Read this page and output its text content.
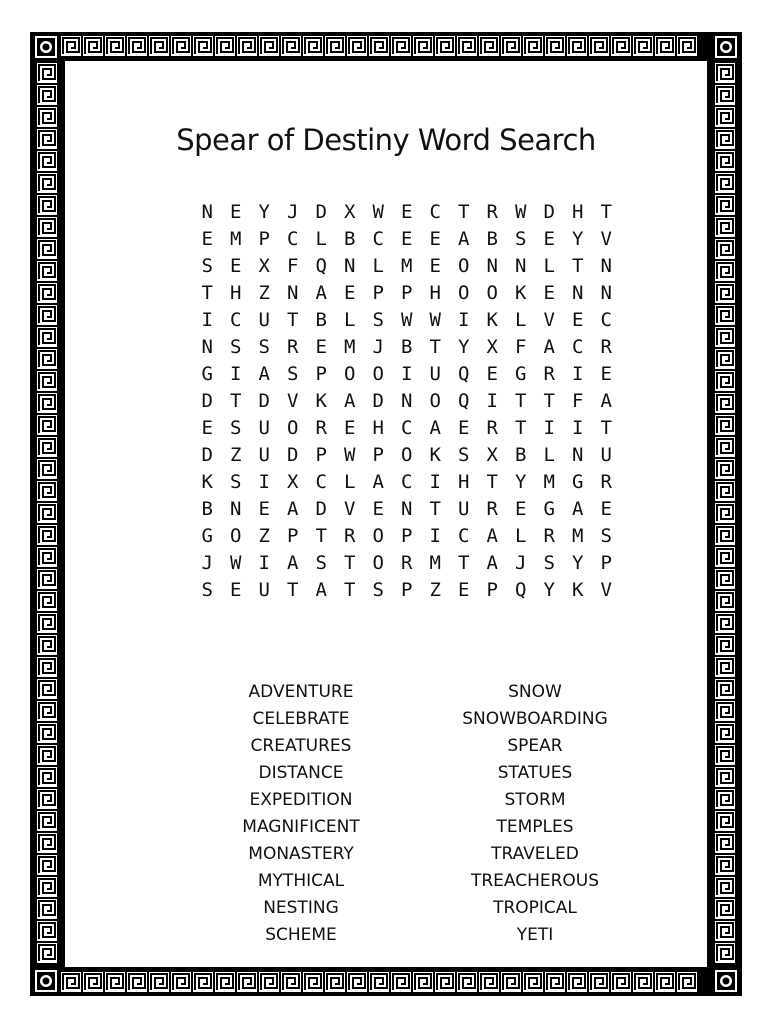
Spear of Destiny Word Search
N E Y J D X W E C T R W D H T
E M P C L B C E E A B S E Y V
S E X F Q N L M E O N N L T N
T H Z N A E P P H O O K E N N
I C U T B L S W W I K L V E C
N S S R E M J B T Y X F A C R
G I A S P O O I U Q E G R I E
D T D V K A D N O Q I T T F A
E S U O R E H C A E R T I I T
D Z U D P W P O K S X B L N U
K S I X C L A C I H T Y M G R
B N E A D V E N T U R E G A E
G O Z P T R O P I C A L R M S
J W I A S T O R M T A J S Y P
S E U T A T S P Z E P Q Y K V
ADVENTURE
CELEBRATE
CREATURES
DISTANCE
EXPEDITION
MAGNIFICENT
MONASTERY
MYTHICAL
NESTING
SCHEME
SNOW
SNOWBOARDING
SPEAR
STATUES
STORM
TEMPLES
TRAVELED
TREACHEROUS
TROPICAL
YETI
